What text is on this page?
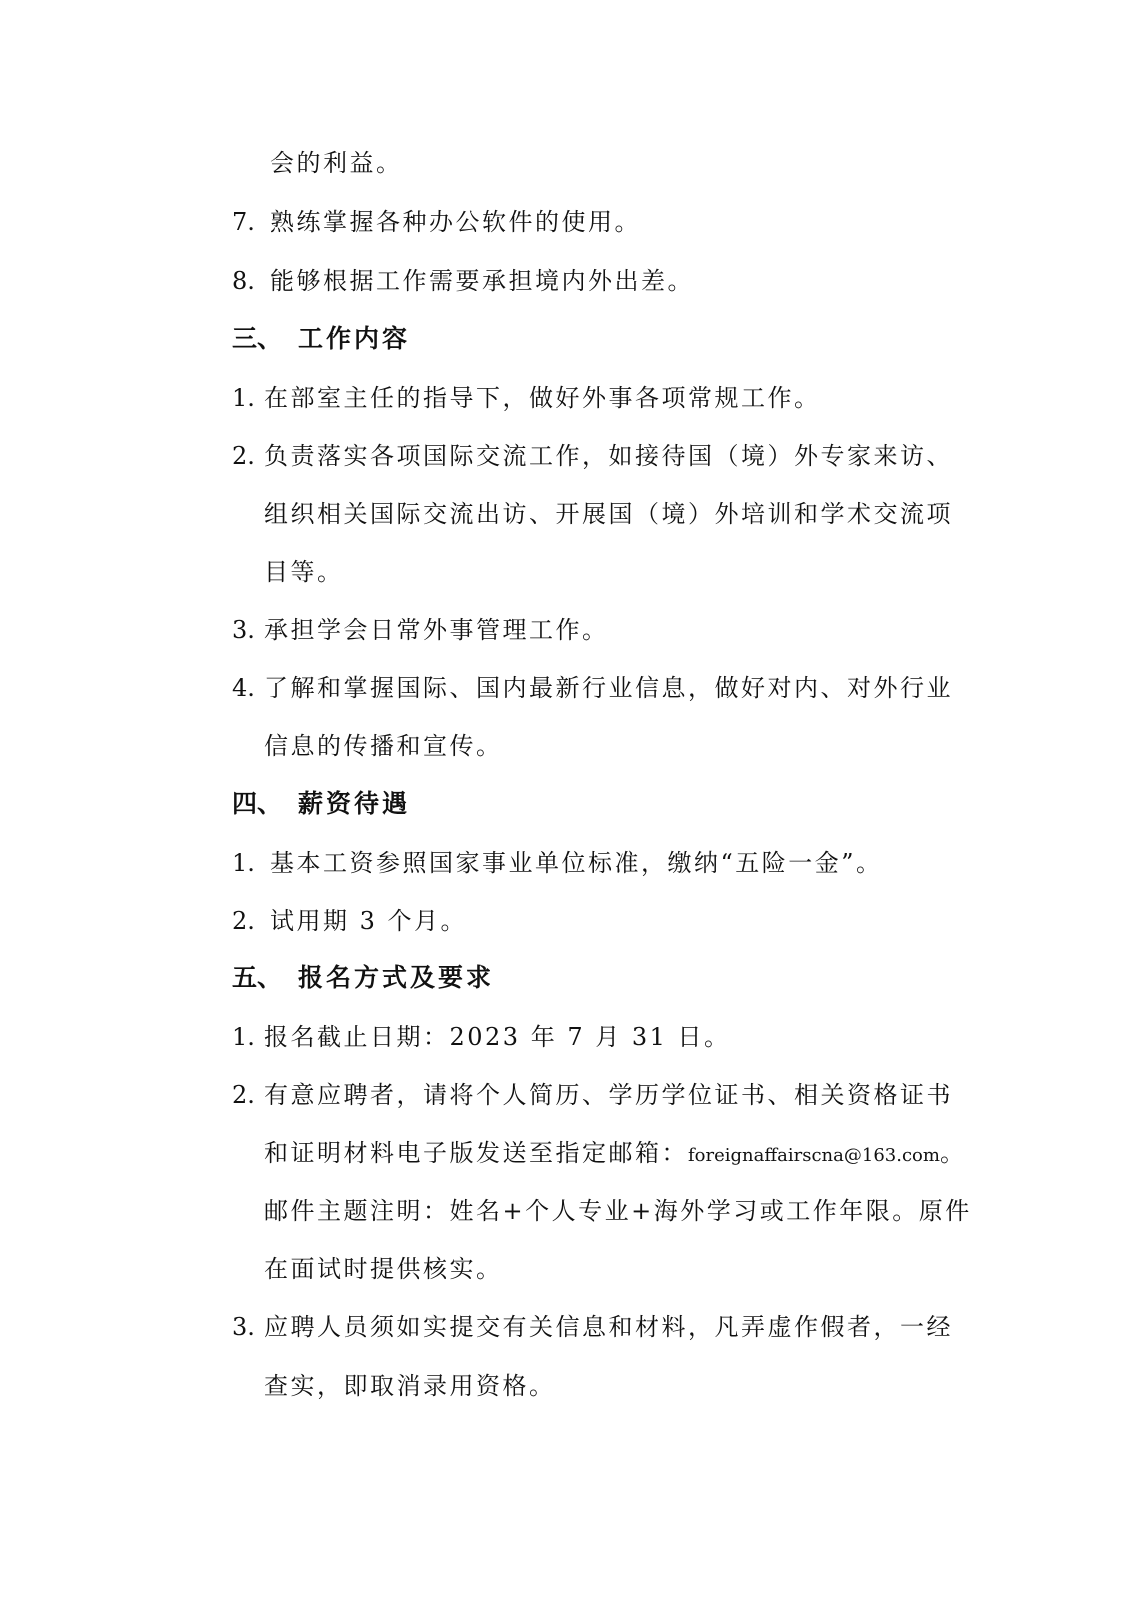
会的利益。
7. 熟练掌握各种办公软件的使用。
8. 能够根据工作需要承担境内外出差。
三、 工作内容
1. 在部室主任的指导下，做好外事各项常规工作。
2. 负责落实各项国际交流工作，如接待国（境）外专家来访、
组织相关国际交流出访、开展国（境）外培训和学术交流项
目等。
3. 承担学会日常外事管理工作。
4. 了解和掌握国际、国内最新行业信息，做好对内、对外行业
信息的传播和宣传。
四、 薪资待遇
1. 基本工资参照国家事业单位标准，缴纳“五险一金”。
2. 试用期 3 个月。
五、 报名方式及要求
1. 报名截止日期：2023 年 7 月 31 日。
2. 有意应聘者，请将个人简历、学历学位证书、相关资格证书
和证明材料电子版发送至指定邮箱：foreignaffairscna@163.com。
邮件主题注明：姓名+个人专业+海外学习或工作年限。原件
在面试时提供核实。
3. 应聘人员须如实提交有关信息和材料，凡弄虚作假者，一经
查实，即取消录用资格。
